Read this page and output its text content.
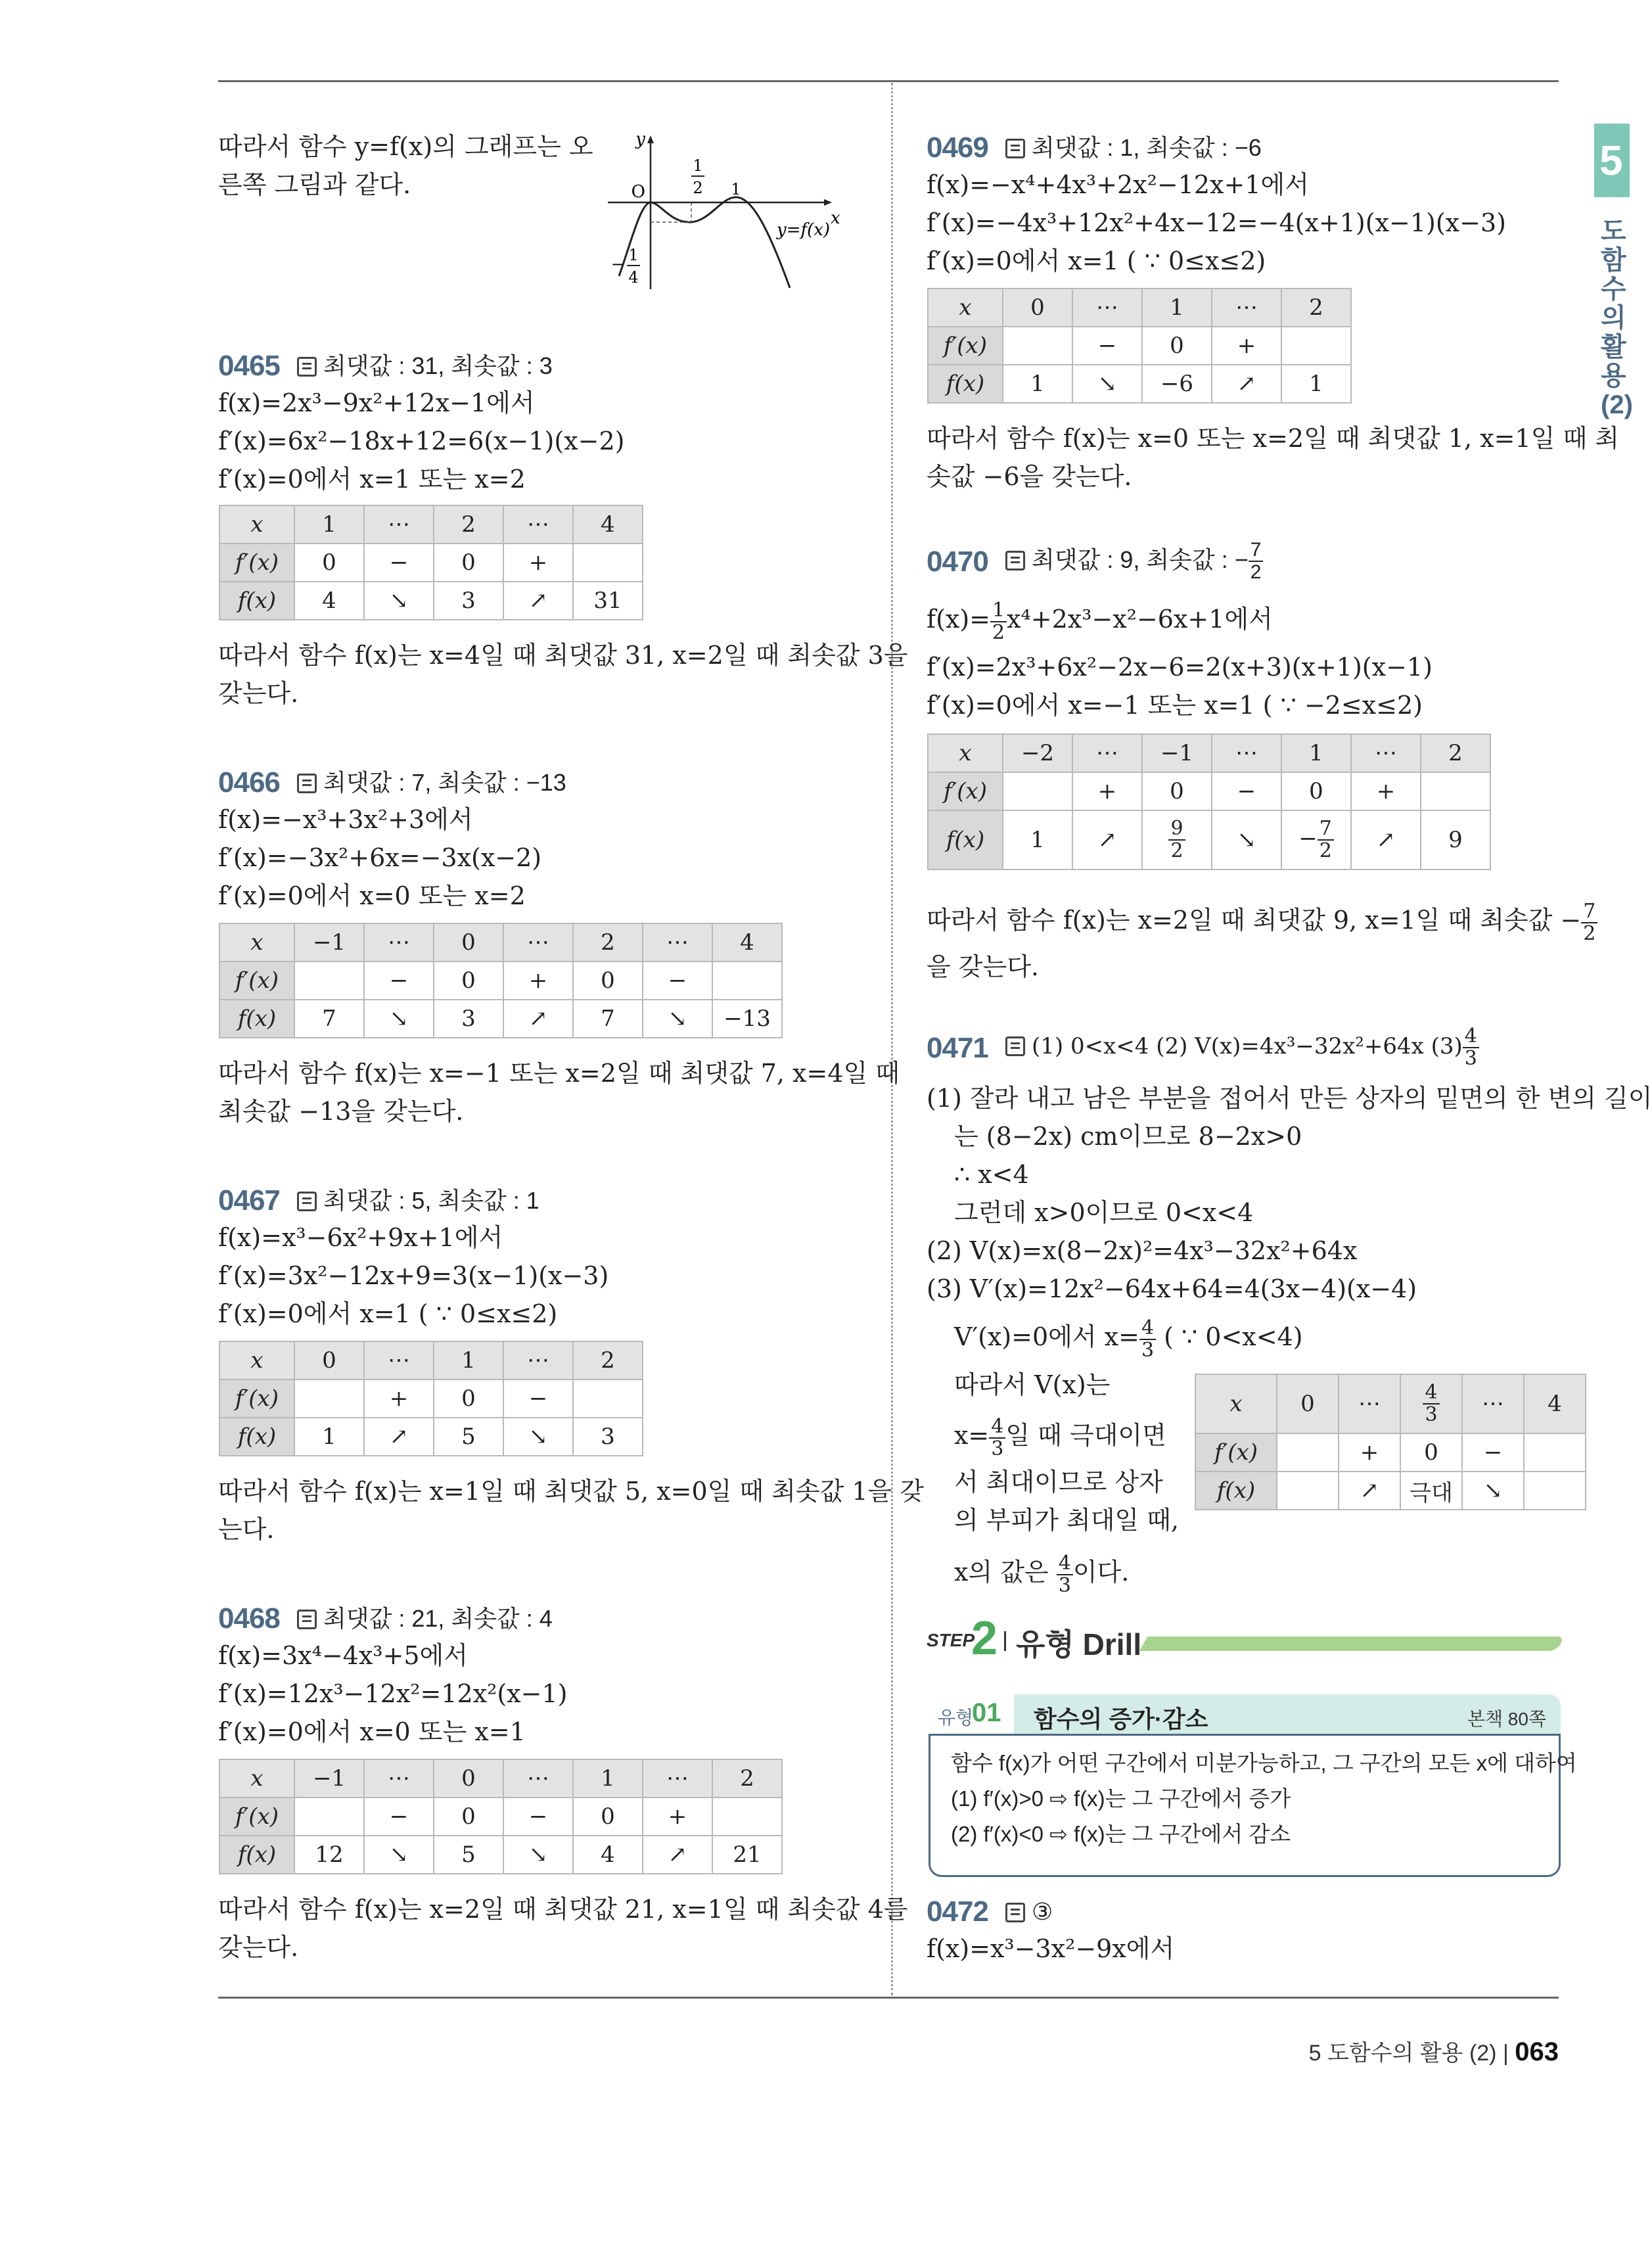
5
도함수의 활용 (2)
따라서 함수 y=f(x)의 그래프는 오
른쪽 그림과 같다.
y
x
O
1
2 1
− 1
4
y=f(x)
0465	최댓값 : 31, 최솟값 : 3
f(x)=2x³−9x²+12x−1에서
f′(x)=6x²−18x+12=6(x−1)(x−2)
f′(x)=0에서 x=1 또는 x=2
x	1	⋯	2	⋯	4
f′(x)	0	−	0	+	
f(x)	4	↘	3	↗	31
따라서 함수 f(x)는 x=4일 때 최댓값 31, x=2일 때 최솟값 3을
갖는다.
0466	최댓값 : 7, 최솟값 : −13
f(x)=−x³+3x²+3에서
f′(x)=−3x²+6x=−3x(x−2)
f′(x)=0에서 x=0 또는 x=2
x	−1	⋯	0	⋯	2	⋯	4
f′(x)		−	0	+	0	−	
f(x)	7	↘	3	↗	7	↘	−13
따라서 함수 f(x)는 x=−1 또는 x=2일 때 최댓값 7, x=4일 때
최솟값 −13을 갖는다.
0467	최댓값 : 5, 최솟값 : 1
f(x)=x³−6x²+9x+1에서
f′(x)=3x²−12x+9=3(x−1)(x−3)
f′(x)=0에서 x=1 ( ∵ 0≤x≤2)
x	0	⋯	1	⋯	2
f′(x)		+	0	−	
f(x)	1	↗	5	↘	3
따라서 함수 f(x)는 x=1일 때 최댓값 5, x=0일 때 최솟값 1을 갖
는다.
0468	최댓값 : 21, 최솟값 : 4
f(x)=3x⁴−4x³+5에서
f′(x)=12x³−12x²=12x²(x−1)
f′(x)=0에서 x=0 또는 x=1
x	−1	⋯	0	⋯	1	⋯	2
f′(x)		−	0	−	0	+	
f(x)	12	↘	5	↘	4	↗	21
따라서 함수 f(x)는 x=2일 때 최댓값 21, x=1일 때 최솟값 4를
갖는다.
0469	최댓값 : 1, 최솟값 : −6
f(x)=−x⁴+4x³+2x²−12x+1에서
f′(x)=−4x³+12x²+4x−12=−4(x+1)(x−1)(x−3)
f′(x)=0에서 x=1 ( ∵ 0≤x≤2)
x	0	⋯	1	⋯	2
f′(x)		−	0	+	
f(x)	1	↘	−6	↗	1
따라서 함수 f(x)는 x=0 또는 x=2일 때 최댓값 1, x=1일 때 최
솟값 −6을 갖는다.
0470	최댓값 : 9, 최솟값 : − $\frac{7}{2}$
$f(x)= \frac{1}{2} x^4+2x^3-x^2-6x+1$에서
f′(x)=2x³+6x²−2x−6=2(x+3)(x+1)(x−1)
f′(x)=0에서 x=−1 또는 x=1 ( ∵ −2≤x≤2)
x	−2	⋯	−1	⋯	1	⋯	2
f′(x)		+	0	−	0	+	
f(x)	1	↗	$\frac{9}{2}$	↘	− $\frac{7}{2}$	↗	9
따라서 함수 f(x)는 x=2일 때 최댓값 9, x=1일 때 최솟값 − $\frac{7}{2}$
을 갖는다.
0471	(1) 0<x<4 (2) V(x)=4x³−32x²+64x $(3) \frac{4}{3}$
(1) 잘라 내고 남은 부분을 접어서 만든 상자의 밑면의 한 변의 길이
는 (8−2x) cm이므로 8−2x>0
∴ x<4
그런데 x>0이므로 0<x<4
(2) V(x)=x(8−2x)²=4x³−32x²+64x
(3) V′(x)=12x²−64x+64=4(3x−4)(x−4)
V′(x)=0에서 $x= \frac{4}{3}$ ( ∵ 0<x<4)
따라서 V(x)는
$x= \frac{4}{3}$ 일 때 극대이면
서 최대이므로 상자
의 부피가 최대일 때,
x의 값은 $\frac{4}{3}$ 이다.
x	0	⋯	$\frac{4}{3}$	⋯	4
f′(x)		+	0	−	
f(x)		↗	극대	↘	
STEP
2 유형 Drill
유형
01 함수의 증가·감소	본책 80쪽
함수 f(x)가 어떤 구간에서 미분가능하고, 그 구간의 모든 x에 대하여
(1) f′(x)>0 ⇨ f(x)는 그 구간에서 증가
(2) f′(x)<0 ⇨ f(x)는 그 구간에서 감소
0472	③
f(x)=x³−3x²−9x에서
5 도함수의 활용 (2) | 063
